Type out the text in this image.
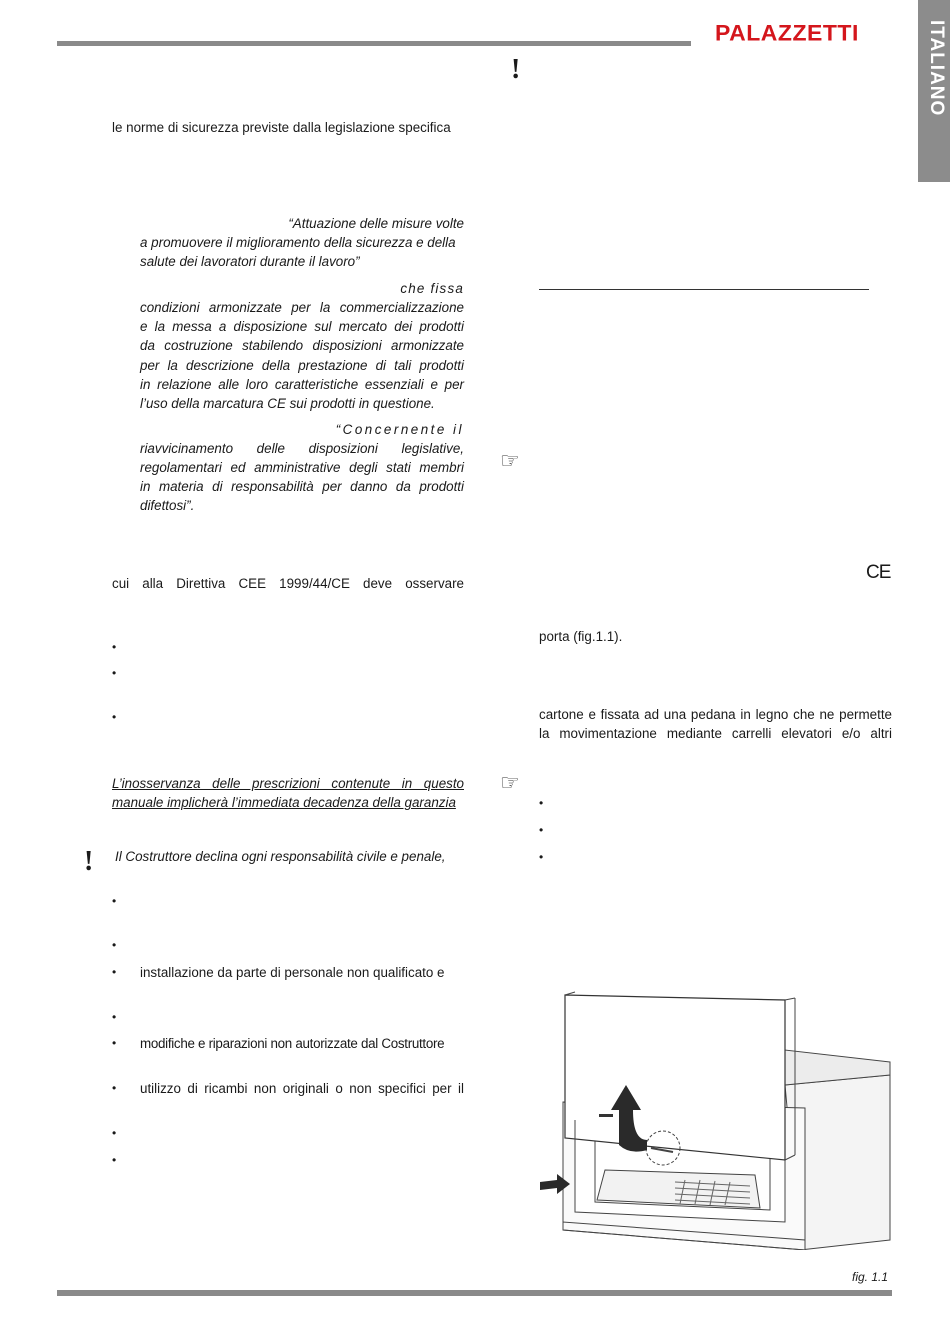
PALAZZETTI	ITALIANO
!
le norme di sicurezza previste dalla legislazione specifica
“Attuazione delle misure volte
a promuovere il miglioramento della sicurezza e della
salute dei lavoratori durante il lavoro”
che fissa
condizioni armonizzate per la commercializzazione
e la messa a disposizione sul mercato dei prodotti
da costruzione stabilendo disposizioni armonizzate
per la descrizione della prestazione di tali prodotti
in relazione alle loro caratteristiche essenziali e per
l’uso della marcatura CE sui prodotti in questione.
“Concernente il
riavvicinamento delle disposizioni legislative,
regolamentari ed amministrative degli stati membri
in materia di responsabilità per danno da prodotti
difettosi”.
cui alla Direttiva CEE 1999/44/CE deve osservare
•
•
•
L’inosservanza delle prescrizioni contenute in questo
manuale implicherà l’immediata decadenza della garanzia
! Il Costruttore declina ogni responsabilità civile e penale,
•
•
• installazione da parte di personale non qualificato e
•
• modifiche e riparazioni non autorizzate dal Costruttore
• utilizzo di ricambi non originali o non specifici per il
•
•
☞
CE
porta (fig.1.1).
cartone e fissata ad una pedana in legno che ne permette
la movimentazione mediante carrelli elevatori e/o altri
☞
•
•
•
fig. 1.1
